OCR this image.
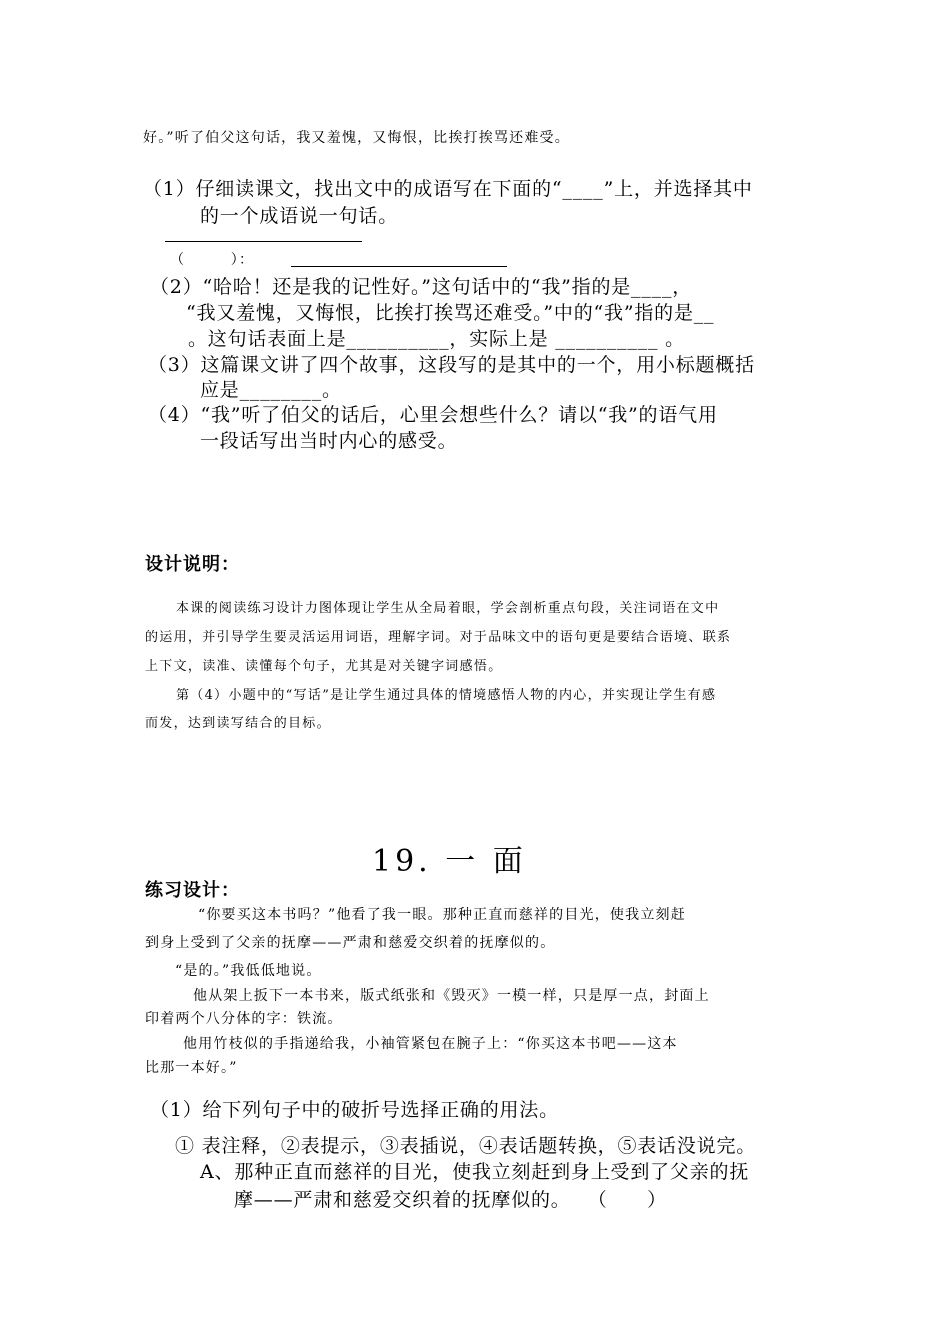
好。”听了伯父这句话，我又羞愧，又悔恨，比挨打挨骂还难受。
（1）仔细读课文，找出文中的成语写在下面的“____”上，并选择其中
的一个成语说一句话。
（　　　）：
（2）“哈哈！还是我的记性好。”这句话中的“我”指的是____，
“我又羞愧，又悔恨，比挨打挨骂还难受。”中的“我”指的是__
。这句话表面上是__________，实际上是 __________ 。
（3）这篇课文讲了四个故事，这段写的是其中的一个，用小标题概括
应是________。
（4）“我”听了伯父的话后，心里会想些什么？请以“我”的语气用
一段话写出当时内心的感受。
设计说明：
本课的阅读练习设计力图体现让学生从全局着眼，学会剖析重点句段，关注词语在文中
的运用，并引导学生要灵活运用词语，理解字词。对于品味文中的语句更是要结合语境、联系
上下文，读准、读懂每个句子，尤其是对关键字词感悟。
第（4）小题中的“写话”是让学生通过具体的情境感悟人物的内心，并实现让学生有感
而发，达到读写结合的目标。
19. 一 面
练习设计：
“你要买这本书吗？”他看了我一眼。那种正直而慈祥的目光，使我立刻赶
到身上受到了父亲的抚摩——严肃和慈爱交织着的抚摩似的。
“是的。”我低低地说。
他从架上扳下一本书来，版式纸张和《毁灭》一模一样，只是厚一点，封面上
印着两个八分体的字：铁流。
他用竹枝似的手指递给我，小袖管紧包在腕子上：“你买这本书吧——这本
比那一本好。”
（1）给下列句子中的破折号选择正确的用法。
① 表注释，②表提示，③表插说，④表话题转换，⑤表话没说完。
A、那种正直而慈祥的目光，使我立刻赶到身上受到了父亲的抚
摩——严肃和慈爱交织着的抚摩似的。　 （　　）
